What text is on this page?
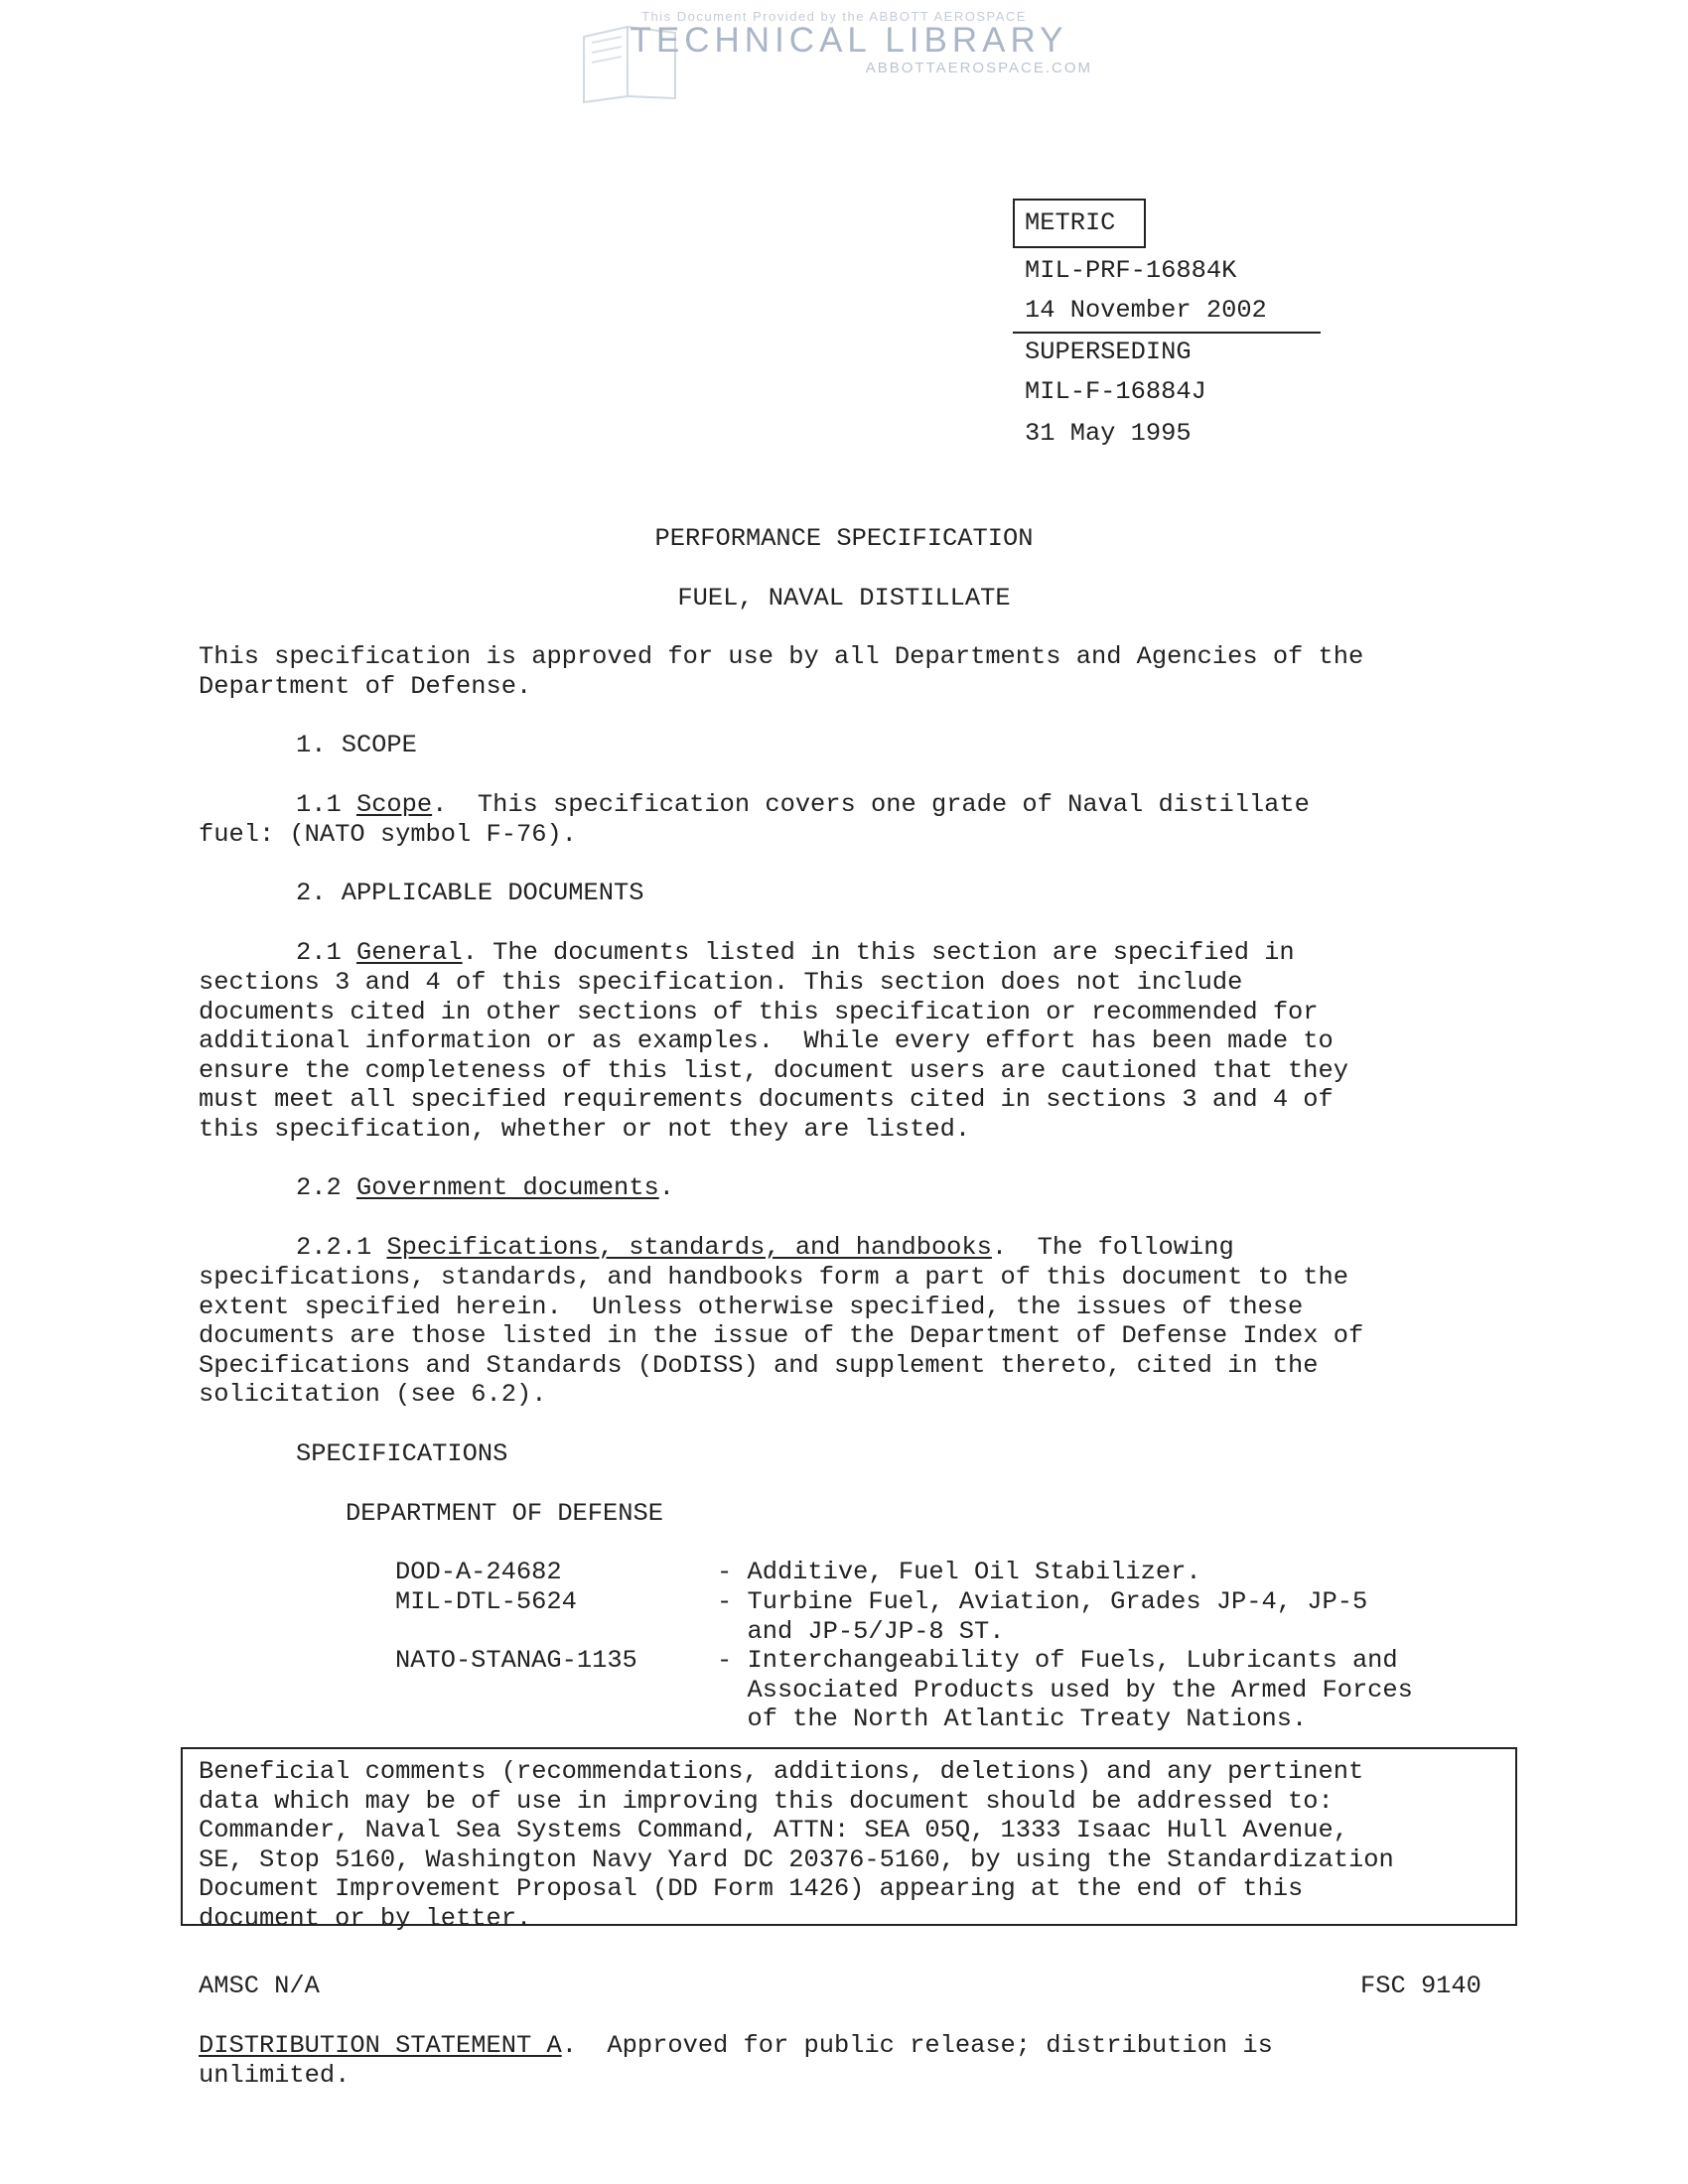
This Document Provided by the ABBOTT AEROSPACE
TECHNICAL LIBRARY
ABBOTTAEROSPACE.COM
METRIC
MIL-PRF-16884K
14 November 2002
SUPERSEDING
MIL-F-16884J
31 May 1995
PERFORMANCE SPECIFICATION
FUEL, NAVAL DISTILLATE
This specification is approved for use by all Departments and Agencies of the
Department of Defense.
1. SCOPE
1.1 Scope.  This specification covers one grade of Naval distillate
fuel: (NATO symbol F-76).
2. APPLICABLE DOCUMENTS
2.1 General. The documents listed in this section are specified in
sections 3 and 4 of this specification. This section does not include
documents cited in other sections of this specification or recommended for
additional information or as examples.  While every effort has been made to
ensure the completeness of this list, document users are cautioned that they
must meet all specified requirements documents cited in sections 3 and 4 of
this specification, whether or not they are listed.
2.2 Government documents.
2.2.1 Specifications, standards, and handbooks.  The following
specifications, standards, and handbooks form a part of this document to the
extent specified herein.  Unless otherwise specified, the issues of these
documents are those listed in the issue of the Department of Defense Index of
Specifications and Standards (DoDISS) and supplement thereto, cited in the
solicitation (see 6.2).
SPECIFICATIONS
DEPARTMENT OF DEFENSE
DOD-A-24682	- Additive, Fuel Oil Stabilizer.
MIL-DTL-5624	- Turbine Fuel, Aviation, Grades JP-4, JP-5
and JP-5/JP-8 ST.
NATO-STANAG-1135	- Interchangeability of Fuels, Lubricants and
Associated Products used by the Armed Forces
of the North Atlantic Treaty Nations.
Beneficial comments (recommendations, additions, deletions) and any pertinent
data which may be of use in improving this document should be addressed to:
Commander, Naval Sea Systems Command, ATTN: SEA 05Q, 1333 Isaac Hull Avenue,
SE, Stop 5160, Washington Navy Yard DC 20376-5160, by using the Standardization
Document Improvement Proposal (DD Form 1426) appearing at the end of this
document or by letter.
AMSC N/A	FSC 9140
DISTRIBUTION STATEMENT A.  Approved for public release; distribution is
unlimited.
